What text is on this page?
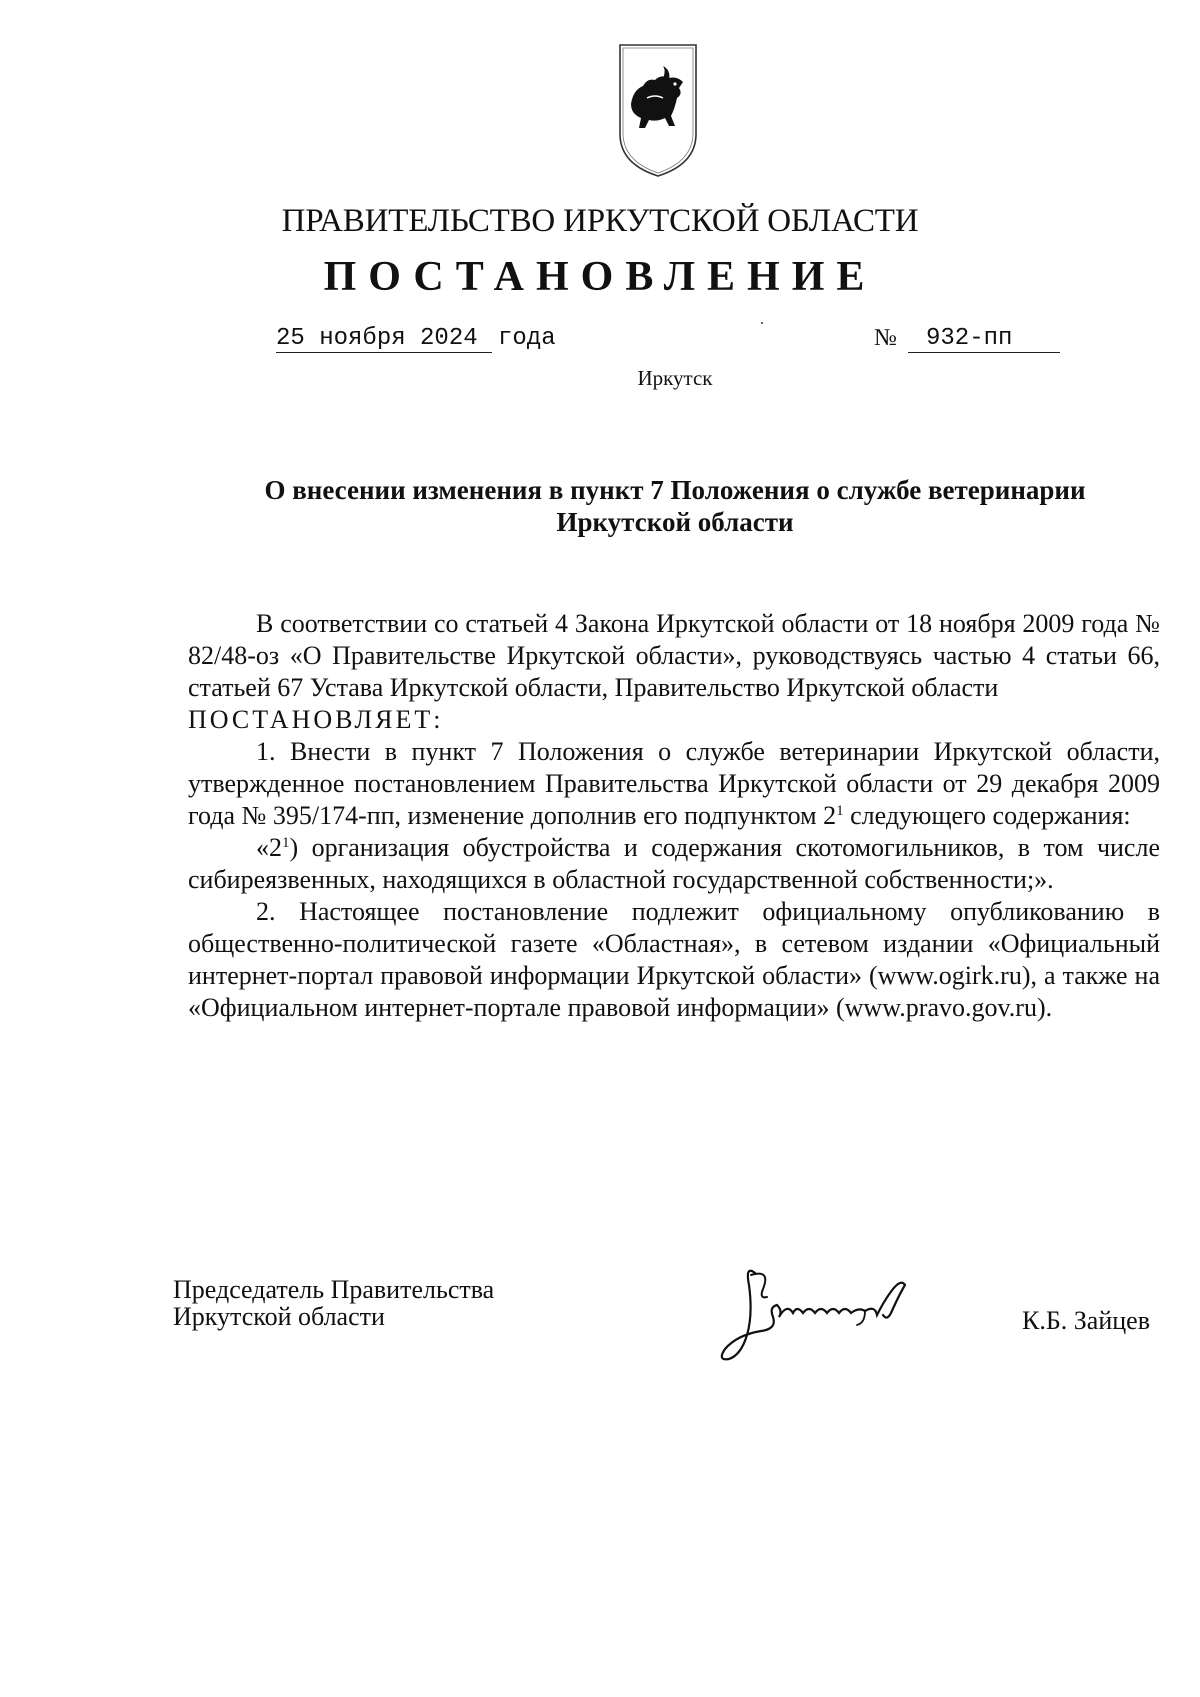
ПРАВИТЕЛЬСТВО ИРКУТСКОЙ ОБЛАСТИ
ПОСТАНОВЛЕНИЕ
25 ноября 2024 года	№	932-пп
Иркутск
О внесении изменения в пункт 7 Положения о службе ветеринарии
Иркутской области

В соответствии со статьей 4 Закона Иркутской области от 18 ноября 2009 года № 82/48-оз «О Правительстве Иркутской области», руководствуясь частью 4 статьи 66, статьей 67 Устава Иркутской области, Правительство Иркутской области

ПОСТАНОВЛЯЕТ:

1. Внести в пункт 7 Положения о службе ветеринарии Иркутской области, утвержденное постановлением Правительства Иркутской области от 29 декабря 2009 года № 395/174-пп, изменение дополнив его подпунктом $2^1$ следующего содержания:

«$2^1$) организация обустройства и содержания скотомогильников, в том числе сибиреязвенных, находящихся в областной государственной собственности;».

2. Настоящее постановление подлежит официальному опубликованию в общественно-политической газете «Областная», в сетевом издании «Официальный интернет-портал правовой информации Иркутской области» (www.ogirk.ru), а также на «Официальном интернет-портале правовой информации» (www.pravo.gov.ru).

Председатель Правительства
Иркутской области	К.Б. Зайцев
